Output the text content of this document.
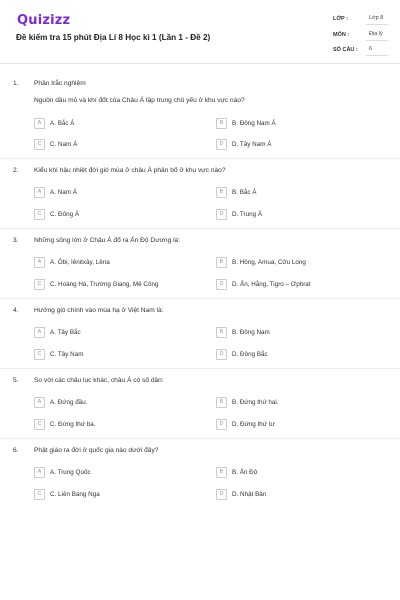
Quizizz
Đề kiểm tra 15 phút Địa Lí 8 Học kì 1 (Lần 1 - Đề 2)
LỚP :	Lớp 8
MÔN :	Địa lý
SỐ CÂU :	6
1. Phần trắc nghiệm
Nguồn dầu mỏ và khí đốt của Châu Á tập trung chủ yếu ở khu vực nào?
A	A. Bắc Á	B	B. Đông Nam Á
C	C. Nam Á	D	D. Tây Nam Á
2. Kiểu khí hậu nhiệt đới gió mùa ở châu Á phân bố ở khu vực nào?
A	A. Nam Á	B	B. Bắc Á
C	C. Đông Á	D	D. Trung Á
3. Những sông lớn ở Châu Á đổ ra Ấn Độ Dương là:
A	A. Ôbi, Iênitxây, Lêna	B	B. Hồng, Amua, Cửu Long
C	C. Hoàng Hà, Trường Giang, Mê Công	D	D. Ấn, Hằng, Tigro – Ơphrat
4. Hướng gió chính vào mùa hạ ở Việt Nam là:
A	A. Tây Bắc	B	B. Đông Nam
C	C. Tây Nam	D	D. Đông Bắc
5. So với các châu lục khác, châu Á có số dân:
A	A. Đứng đầu.	B	B. Đứng thứ hai.
C	C. Đứng thứ ba.	D	D. Đứng thứ tư
6. Phật giáo ra đời ở quốc gia nào dưới đây?
A	A. Trung Quốc	B	B. Ấn Độ
C	C. Liên Bang Nga	D	D. Nhật Bản
